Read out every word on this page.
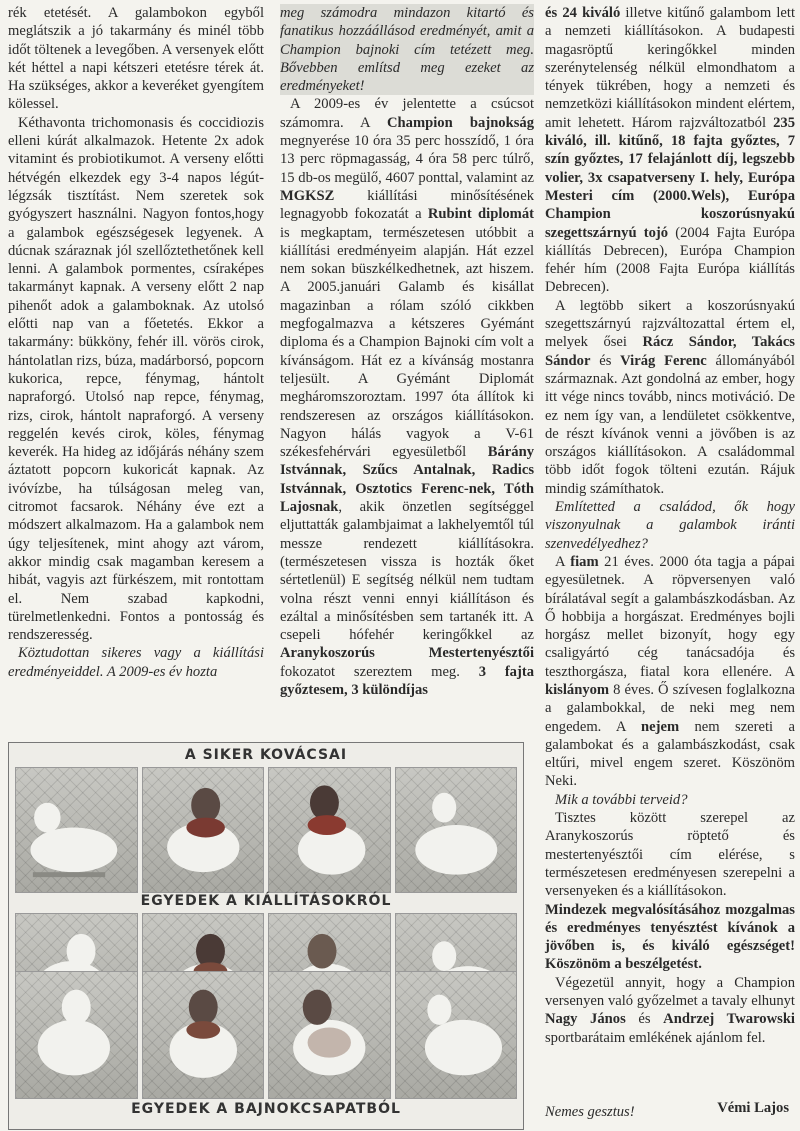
rék etetését. A galambokon egyből meglátszik a jó takarmány és minél több időt töltenek a levegőben. A versenyek előtt két héttel a napi kétszeri etetésre térek át. Ha szükséges, akkor a keveréket gyengítem kölessel.

Kéthavonta trichomonasis és coccidiozis elleni kúrát alkalmazok. Hetente 2x adok vitamint és probiotikumot. A verseny előtti hétvégén elkezdek egy 3-4 napos légút-légzsák tisztítást. Nem szeretek sok gyógyszert használni. Nagyon fontos,hogy a galambok egészségesek legyenek. A dúcnak száraznak jól szellőztethetőnek kell lenni. A galambok pormentes, csíraképes takarmányt kapnak. A verseny előtt 2 nap pihenőt adok a galamboknak. Az utolsó előtti nap van a főetetés. Ekkor a takarmány: bükköny, fehér ill. vörös cirok, hántolatlan rizs, búza, madárborsó, popcorn kukorica, repce, fénymag, hántolt napraforgó. Utolsó nap repce, fénymag, rizs, cirok, hántolt napraforgó. A verseny reggelén kevés cirok, köles, fénymag keverék. Ha hideg az időjárás néhány szem áztatott popcorn kukoricát kapnak. Az ivóvízbe, ha túlságosan meleg van, citromot facsarok. Néhány éve ezt a módszert alkalmazom. Ha a galambok nem úgy teljesítenek, mint ahogy azt várom, akkor mindig csak magamban keresem a hibát, vagyis azt fürkészem, mit rontottam el. Nem szabad kapkodni, türelmetlenkedni. Fontos a pontosság és rendszeresség.

Köztudottan sikeres vagy a kiállítási eredményeiddel. A 2009-es év hozta

meg számodra mindazon kitartó és fanatikus hozzáállásod eredményét, amit a Champion bajnoki cím tetézett meg. Bővebben említsd meg ezeket az eredményeket!

A 2009-es év jelentette a csúcsot számomra. A Champion bajnokság megnyerése 10 óra 35 perc hosszídő, 1 óra 13 perc röpmagasság, 4 óra 58 perc túlrő, 15 db-os megülő, 4607 ponttal, valamint az MGKSZ kiállítási minősítésének legnagyobb fokozatát a Rubint diplomát is megkaptam, természetesen utóbbit a kiállítási eredményeim alapján. Hát ezzel nem sokan büszkélkedhetnek, azt hiszem. A 2005.januári Galamb és kisállat magazinban a rólam szóló cikkben megfogalmazva a kétszeres Gyémánt diploma és a Champion Bajnoki cím volt a kívánságom. Hát ez a kívánság mostanra teljesült. A Gyémánt Diplomát megháromszoroztam. 1997 óta állítok ki rendszeresen az országos kiállításokon. Nagyon hálás vagyok a V-61 székesfehérvári egyesületből Bárány Istvánnak, Szűcs Antalnak, Radics Istvánnak, Osztotics Ferenc-nek, Tóth Lajosnak, akik önzetlen segítséggel eljuttatták galambjaimat a lakhelyemtől túl messze rendezett kiállításokra. (természetesen vissza is hozták őket sértetlenül) E segítség nélkül nem tudtam volna részt venni ennyi kiállításon és ezáltal a minősítésben sem tartanék itt. A csepeli hófehér keringőkkel az Aranykoszorús Mestertenyésztői fokozatot szereztem meg. 3 fajta győztesem, 3 különdíjas

és 24 kiváló illetve kitűnő galambom lett a nemzeti kiállításokon. A budapesti magasröptű keringőkkel minden szerénytelenség nélkül elmondhatom a tények tükrében, hogy a nemzeti és nemzetközi kiállításokon mindent elértem, amit lehetett. Három rajzváltozatból 235 kiváló, ill. kitűnő, 18 fajta győztes, 7 szín győztes, 17 felajánlott díj, legszebb volier, 3x csapatverseny I. hely, Európa Mesteri cím (2000.Wels), Európa Champion koszorúsnyakú szegettszárnyú tojó (2004 Fajta Európa kiállítás Debrecen), Európa Champion fehér hím (2008 Fajta Európa kiállítás Debrecen).

A legtöbb sikert a koszorúsnyakú szegettszárnyú rajzváltozattal értem el, melyek ősei Rácz Sándor, Takács Sándor és Virág Ferenc állományából származnak. Azt gondolná az ember, hogy itt vége nincs tovább, nincs motiváció. De ez nem így van, a lendületet csökkentve, de részt kívánok venni a jövőben is az országos kiállításokon. A családommal több időt fogok tölteni ezután. Rájuk mindig számíthatok.

Említetted a családod, ők hogy viszonyulnak a galambok iránti szenvedélyedhez?

A fiam 21 éves. 2000 óta tagja a pápai egyesületnek. A röpversenyen való bírálatával segít a galambászkodásban. Az Ő hobbija a horgászat. Eredményes bojli horgász mellet bizonyít, hogy egy csaligyártó cég tanácsadója és teszthorgásza, fiatal kora ellenére. A kislányom 8 éves. Ő szívesen foglalkozna a galambokkal, de neki meg nem engedem. A nejem nem szereti a galambokat és a galambászkodást, csak eltűri, mivel engem szeret. Köszönöm Neki.

Mik a további terveid?

Tisztes között szerepel az Aranykoszorús röptető és mestertenyésztői cím elérése, s természetesen eredményesen szerepelni a versenyeken és a kiállításokon.

Mindezek megvalósításához mozgalmas és eredményes tenyésztést kívánok a jövőben is, és kiváló egészséget! Köszönöm a beszélgetést.

Végezetül annyit, hogy a Champion versenyen való győzelmet a tavaly elhunyt Nagy János és Andrzej Twarowski sportbarátaim emlékének ajánlom fel.

Nemes gesztus!	Vémi Lajos
A SIKER KOVÁCSAI
EGYEDEK A KIÁLLÍTÁSOKRÓL
EGYEDEK A BAJNOKCSAPATBÓL
